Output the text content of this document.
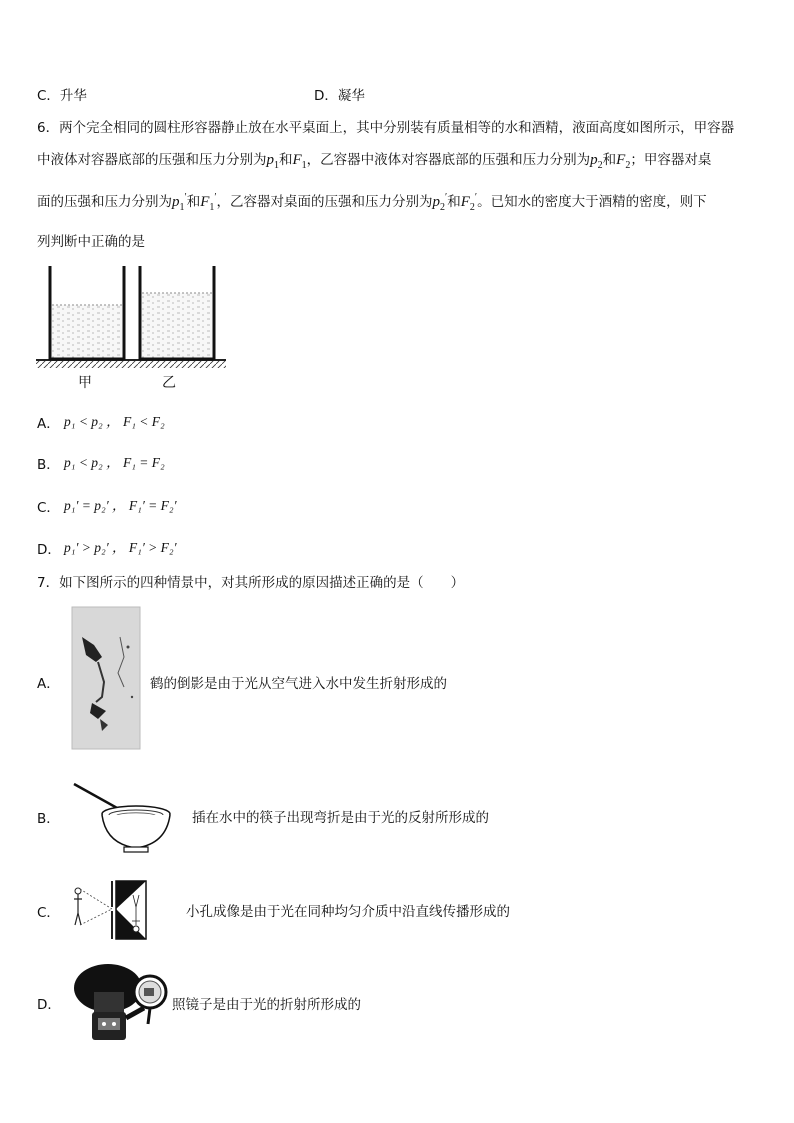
C．升华	D．凝华
6．两个完全相同的圆柱形容器静止放在水平桌面上，其中分别装有质量相等的水和酒精，液面高度如图所示，甲容器
中液体对容器底部的压强和压力分别为$p_1$和$F_1$，乙容器中液体对容器底部的压强和压力分别为$p_2$和$F_2$；甲容器对桌
面的压强和压力分别为$p_1'$和$F_1'$，乙容器对桌面的压强和压力分别为$p_2'$和$F_2'$。已知水的密度大于酒精的密度，则下
列判断中正确的是
甲	乙
A． p₁ < p₂ ， F₁ < F₂
B． p₁ < p₂ ， F₁ = F₂
C． p₁′ = p₂′ ， F₁′ = F₂′
D． p₁′ > p₂′ ， F₁′ > F₂′
7．如下图所示的四种情景中，对其所形成的原因描述正确的是（　　）
A．	鹤的倒影是由于光从空气进入水中发生折射形成的
B．	插在水中的筷子出现弯折是由于光的反射所形成的
C．	小孔成像是由于光在同种均匀介质中沿直线传播形成的
D．	照镜子是由于光的折射所形成的
